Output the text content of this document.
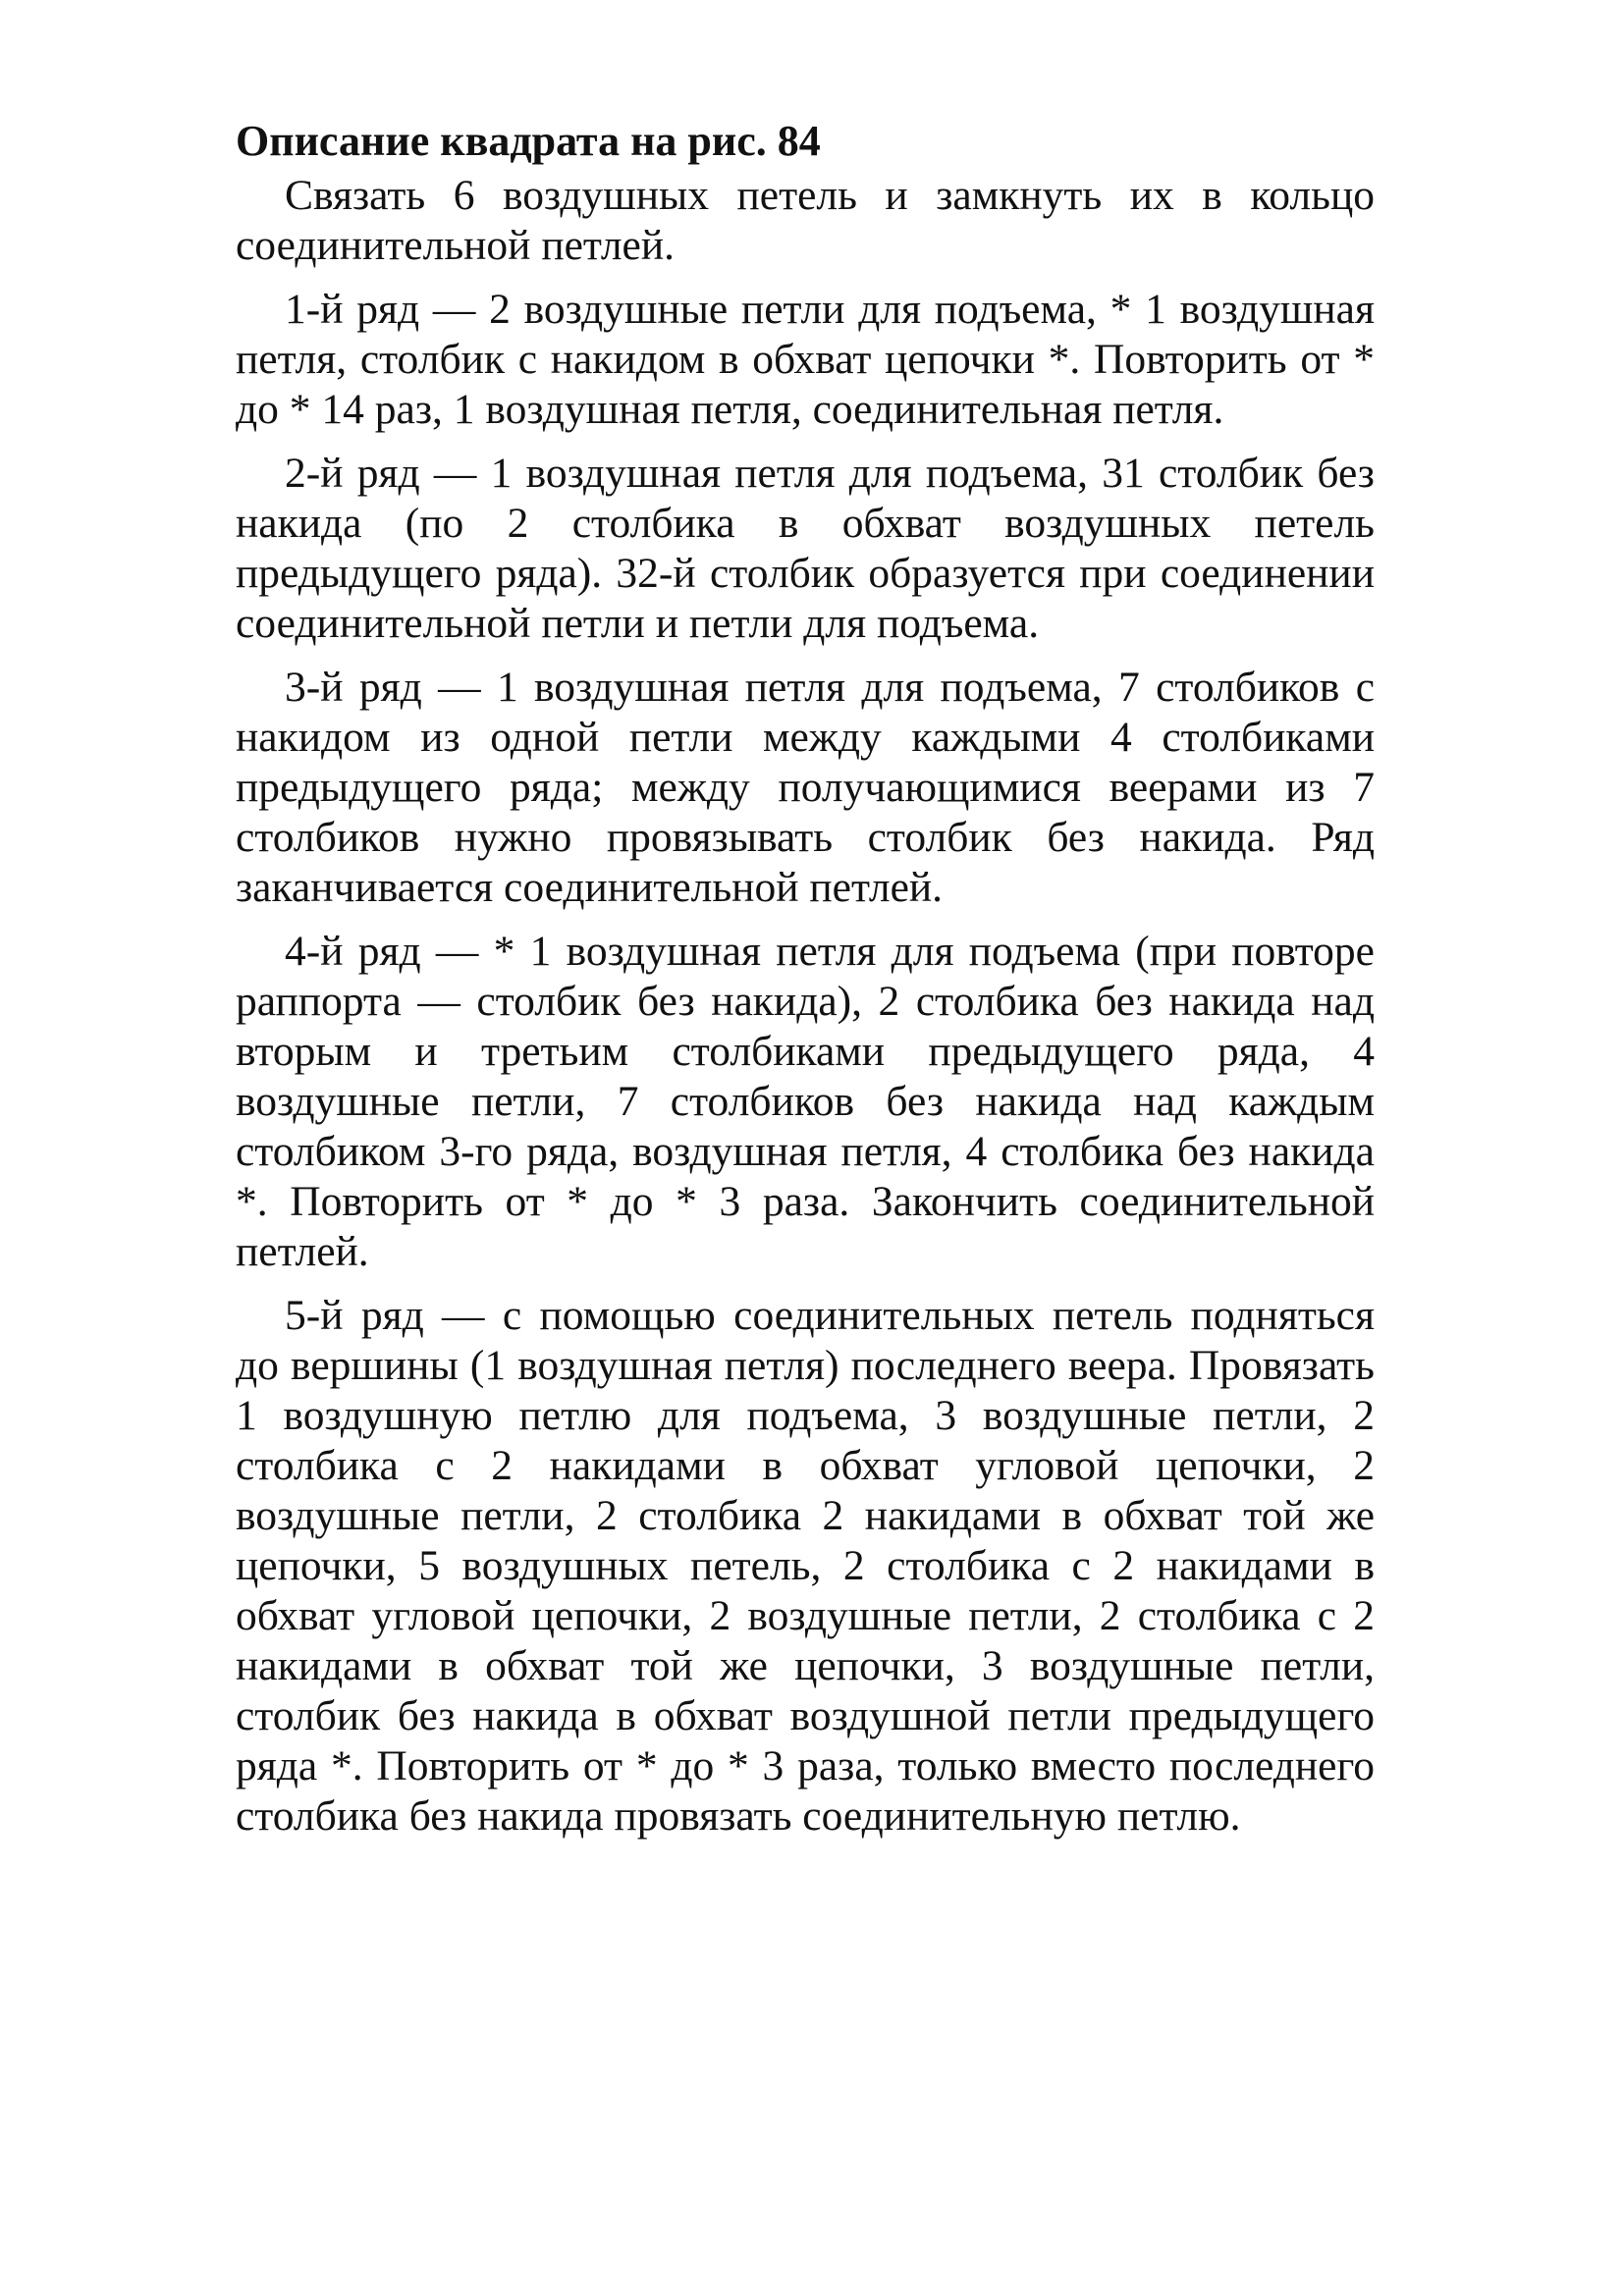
Описание квадрата на рис. 84

Связать 6 воздушных петель и замкнуть их в кольцо соединительной петлей.

1-й ряд — 2 воздушные петли для подъема, * 1 воздушная петля, столбик с накидом в обхват цепочки *. Повторить от * до * 14 раз, 1 воздушная петля, соединительная петля.

2-й ряд — 1 воздушная петля для подъема, 31 столбик без накида (по 2 столбика в обхват воздушных петель предыдущего ряда). 32-й столбик образуется при соединении соединительной петли и петли для подъема.

3-й ряд — 1 воздушная петля для подъема, 7 столбиков с накидом из одной петли между каждыми 4 столбиками предыдущего ряда; между получающимися веерами из 7 столбиков нужно провязывать столбик без накида. Ряд заканчивается соединительной петлей.

4-й ряд — * 1 воздушная петля для подъема (при повторе раппорта — столбик без накида), 2 столбика без накида над вторым и третьим столбиками предыдущего ряда, 4 воздушные петли, 7 столбиков без накида над каждым столбиком 3-го ряда, воздушная петля, 4 столбика без накида *. Повторить от * до * 3 раза. Закончить соединительной петлей.

5-й ряд — с помощью соединительных петель подняться до вершины (1 воздушная петля) последнего веера. Провязать 1 воздушную петлю для подъема, 3 воздушные петли, 2 столбика с 2 накидами в обхват угловой цепочки, 2 воздушные петли, 2 столбика 2 накидами в обхват той же цепочки, 5 воздушных петель, 2 столбика с 2 накидами в обхват угловой цепочки, 2 воздушные петли, 2 столбика с 2 накидами в обхват той же цепочки, 3 воздушные петли, столбик без накида в обхват воздушной петли предыдущего ряда *. Повторить от * до * 3 раза, только вместо последнего столбика без накида провязать соединительную петлю.
